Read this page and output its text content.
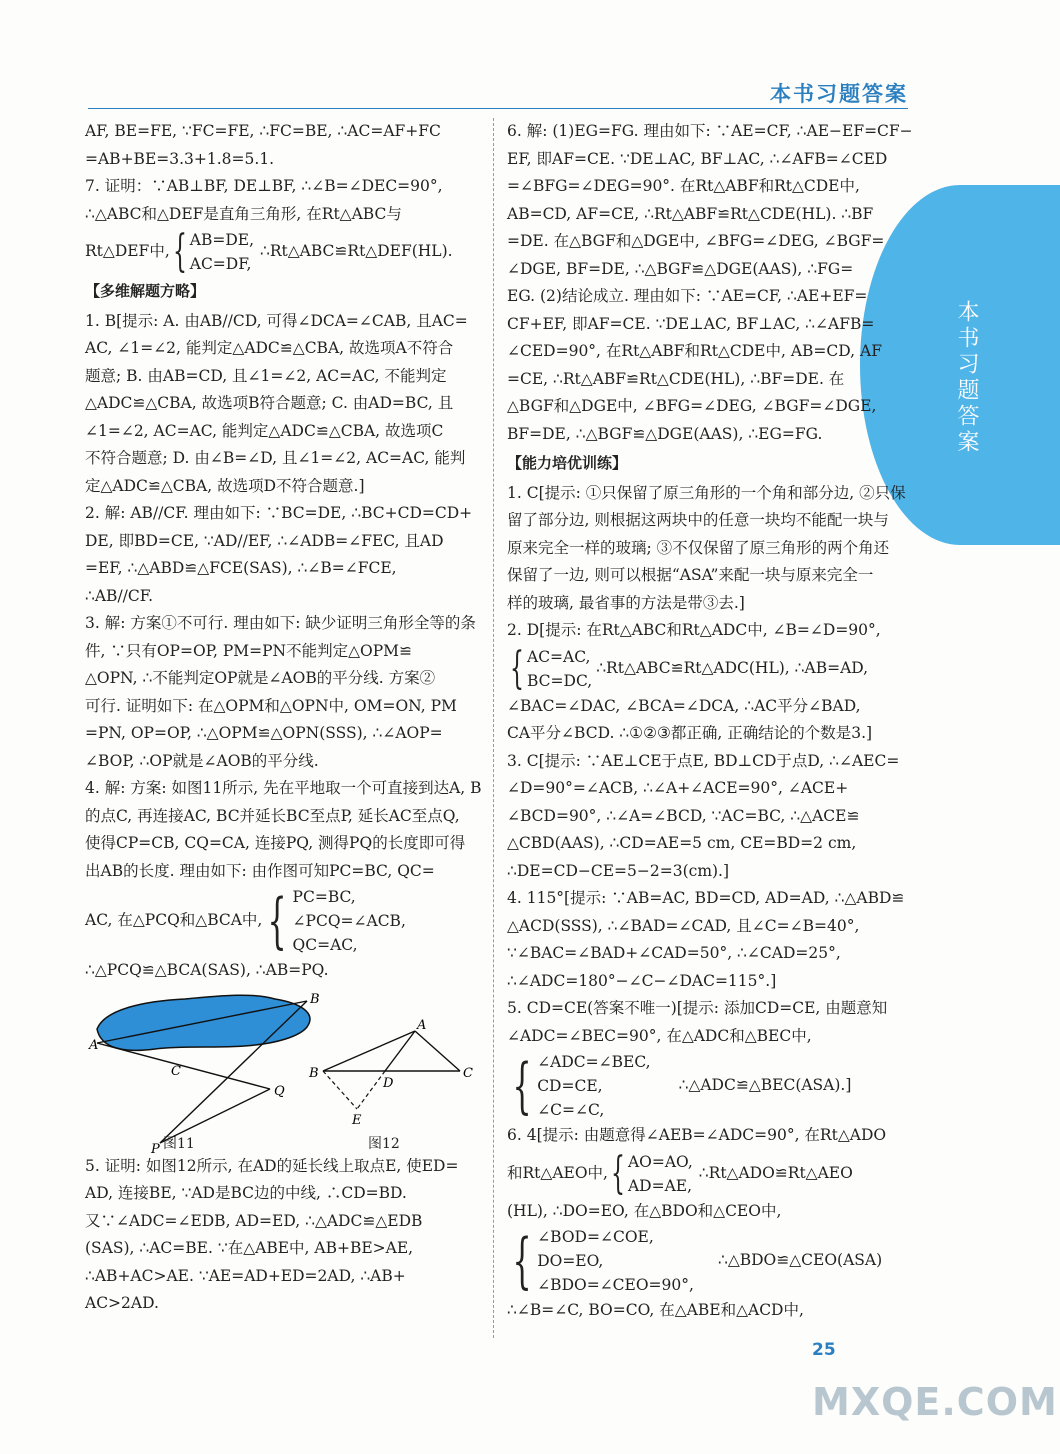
本书习题答案
本书习题答案
AF, BE=FE, ∵FC=FE, ∴FC=BE, ∴AC=AF+FC
=AB+BE=3.3+1.8=5.1.
7. 证明：∵AB⊥BF, DE⊥BF, ∴∠B=∠DEC=90°,
∴△ABC和△DEF是直角三角形, 在Rt△ABC与
Rt△DEF中, { AB=DE,
AC=DF,
∴Rt△ABC≌Rt△DEF(HL).
【多维解题方略】
1. B[提示: A. 由AB//CD, 可得∠DCA=∠CAB, 且AC=
AC, ∠1=∠2, 能判定△ADC≌△CBA, 故选项A不符合
题意; B. 由AB=CD, 且∠1=∠2, AC=AC, 不能判定
△ADC≌△CBA, 故选项B符合题意; C. 由AD=BC, 且
∠1=∠2, AC=AC, 能判定△ADC≌△CBA, 故选项C
不符合题意; D. 由∠B=∠D, 且∠1=∠2, AC=AC, 能判
定△ADC≌△CBA, 故选项D不符合题意.]
2. 解: AB//CF. 理由如下: ∵BC=DE, ∴BC+CD=CD+
DE, 即BD=CE, ∵AD//EF, ∴∠ADB=∠FEC, 且AD
=EF, ∴△ABD≌△FCE(SAS), ∴∠B=∠FCE,
∴AB//CF.
3. 解: 方案①不可行. 理由如下: 缺少证明三角形全等的条
件, ∵只有OP=OP, PM=PN不能判定△OPM≌
△OPN, ∴不能判定OP就是∠AOB的平分线. 方案②
可行. 证明如下: 在△OPM和△OPN中, OM=ON, PM
=PN, OP=OP, ∴△OPM≌△OPN(SSS), ∴∠AOP=
∠BOP, ∴OP就是∠AOB的平分线.
4. 解: 方案: 如图11所示, 先在平地取一个可直接到达A, B
的点C, 再连接AC, BC并延长BC至点P, 延长AC至点Q,
使得CP=CB, CQ=CA, 连接PQ, 测得PQ的长度即可得
出AB的长度. 理由如下: 由作图可知PC=BC, QC=
AC, 在△PCQ和△BCA中, { PC=BC,
∠PCQ=∠ACB,
QC=AC,
∴△PCQ≌△BCA(SAS), ∴AB=PQ.
A
B
C
P
Q
A
B	C
D
E
图11	图12
5. 证明: 如图12所示, 在AD的延长线上取点E, 使ED=
AD, 连接BE, ∵AD是BC边的中线, ∴CD=BD.
又∵∠ADC=∠EDB, AD=ED, ∴△ADC≌△EDB
(SAS), ∴AC=BE. ∵在△ABE中, AB+BE>AE,
∴AB+AC>AE. ∵AE=AD+ED=2AD, ∴AB+
AC>2AD.
6. 解: (1)EG=FG. 理由如下: ∵AE=CF, ∴AE−EF=CF−
EF, 即AF=CE. ∵DE⊥AC, BF⊥AC, ∴∠AFB=∠CED
=∠BFG=∠DEG=90°. 在Rt△ABF和Rt△CDE中,
AB=CD, AF=CE, ∴Rt△ABF≌Rt△CDE(HL). ∴BF
=DE. 在△BGF和△DGE中, ∠BFG=∠DEG, ∠BGF=
∠DGE, BF=DE, ∴△BGF≌△DGE(AAS), ∴FG=
EG. (2)结论成立. 理由如下: ∵AE=CF, ∴AE+EF=
CF+EF, 即AF=CE. ∵DE⊥AC, BF⊥AC, ∴∠AFB=
∠CED=90°, 在Rt△ABF和Rt△CDE中, AB=CD, AF
=CE, ∴Rt△ABF≌Rt△CDE(HL), ∴BF=DE. 在
△BGF和△DGE中, ∠BFG=∠DEG, ∠BGF=∠DGE,
BF=DE, ∴△BGF≌△DGE(AAS), ∴EG=FG.
【能力培优训练】
1. C[提示: ①只保留了原三角形的一个角和部分边, ②只保
留了部分边, 则根据这两块中的任意一块均不能配一块与
原来完全一样的玻璃; ③不仅保留了原三角形的两个角还
保留了一边, 则可以根据“ASA”来配一块与原来完全一
样的玻璃, 最省事的方法是带③去.]
2. D[提示: 在Rt△ABC和Rt△ADC中, ∠B=∠D=90°,
{ AC=AC,
BC=DC,
∴Rt△ABC≌Rt△ADC(HL), ∴AB=AD,
∠BAC=∠DAC, ∠BCA=∠DCA, ∴AC平分∠BAD,
CA平分∠BCD. ∴①②③都正确, 正确结论的个数是3.]
3. C[提示: ∵AE⊥CE于点E, BD⊥CD于点D, ∴∠AEC=
∠D=90°=∠ACB, ∴∠A+∠ACE=90°, ∠ACE+
∠BCD=90°, ∴∠A=∠BCD, ∵AC=BC, ∴△ACE≌
△CBD(AAS), ∴CD=AE=5 cm, CE=BD=2 cm,
∴DE=CD−CE=5−2=3(cm).]
4. 115°[提示: ∵AB=AC, BD=CD, AD=AD, ∴△ABD≌
△ACD(SSS), ∴∠BAD=∠CAD, 且∠C=∠B=40°,
∵∠BAC=∠BAD+∠CAD=50°, ∴∠CAD=25°,
∴∠ADC=180°−∠C−∠DAC=115°.]
5. CD=CE(答案不唯一)[提示: 添加CD=CE, 由题意知
∠ADC=∠BEC=90°, 在△ADC和△BEC中,
{ ∠ADC=∠BEC,
CD=CE,
∠C=∠C,
∴△ADC≌△BEC(ASA).]
6. 4[提示: 由题意得∠AEB=∠ADC=90°, 在Rt△ADO
和Rt△AEO中, { AO=AO,
AD=AE,
∴Rt△ADO≌Rt△AEO
(HL), ∴DO=EO, 在△BDO和△CEO中,
{ ∠BOD=∠COE,
DO=EO,
∠BDO=∠CEO=90°,
∴△BDO≌△CEO(ASA)
∴∠B=∠C, BO=CO, 在△ABE和△ACD中,
25
MXQE.COM
